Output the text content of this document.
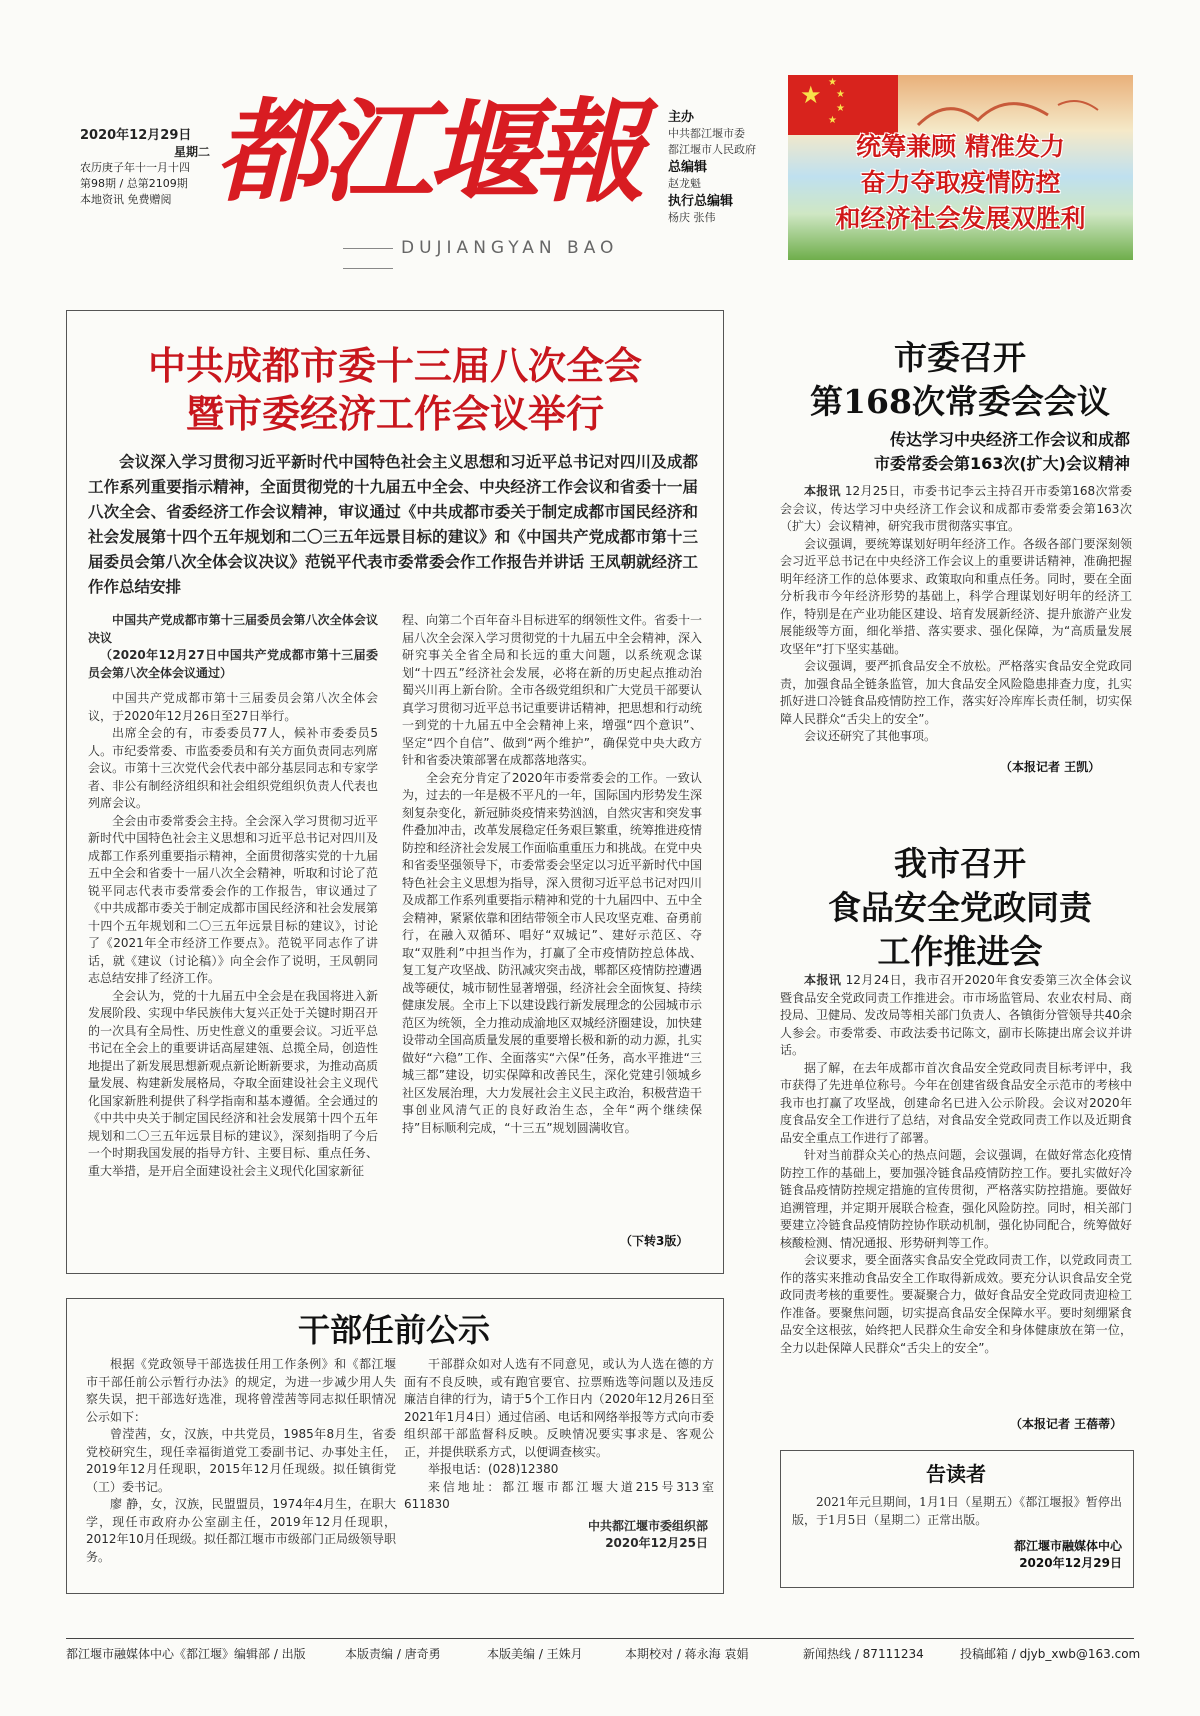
2020年12月29日
星期二
农历庚子年十一月十四
第98期 / 总第2109期
本地资讯 免费赠阅 都江堰報
DUJIANGYAN BAO
主办
中共都江堰市委
都江堰市人民政府
总编辑
赵龙魁
执行总编辑
杨庆 张伟
★ ★
★
★
★
统筹兼顾 精准发力
奋力夺取疫情防控
和经济社会发展双胜利
中共成都市委十三届八次全会
暨市委经济工作会议举行
会议深入学习贯彻习近平新时代中国特色社会主义思想和习近平总书记对四川及成都工作系列重要指示精神，全面贯彻党的十九届五中全会、中央经济工作会议和省委十一届八次全会、省委经济工作会议精神，审议通过《中共成都市委关于制定成都市国民经济和社会发展第十四个五年规划和二〇三五年远景目标的建议》和《中国共产党成都市第十三届委员会第八次全体会议决议》范锐平代表市委常委会作工作报告并讲话 王凤朝就经济工作作总结安排
中国共产党成都市第十三届委员会第八次全体会议决议
（2020年12月27日中国共产党成都市第十三届委员会第八次全体会议通过）

中国共产党成都市第十三届委员会第八次全体会议，于2020年12月26日至27日举行。

出席全会的有，市委委员77人，候补市委委员5人。市纪委常委、市监委委员和有关方面负责同志列席会议。市第十三次党代会代表中部分基层同志和专家学者、非公有制经济组织和社会组织党组织负责人代表也列席会议。

全会由市委常委会主持。全会深入学习贯彻习近平新时代中国特色社会主义思想和习近平总书记对四川及成都工作系列重要指示精神，全面贯彻落实党的十九届五中全会和省委十一届八次全会精神，听取和讨论了范锐平同志代表市委常委会作的工作报告，审议通过了《中共成都市委关于制定成都市国民经济和社会发展第十四个五年规划和二〇三五年远景目标的建议》，讨论了《2021年全市经济工作要点》。范锐平同志作了讲话，就《建议（讨论稿）》向全会作了说明，王凤朝同志总结安排了经济工作。

全会认为，党的十九届五中全会是在我国将进入新发展阶段、实现中华民族伟大复兴正处于关键时期召开的一次具有全局性、历史性意义的重要会议。习近平总书记在全会上的重要讲话高屋建瓴、总揽全局，创造性地提出了新发展思想新观点新论断新要求，为推动高质量发展、构建新发展格局，夺取全面建设社会主义现代化国家新胜利提供了科学指南和基本遵循。全会通过的《中共中央关于制定国民经济和社会发展第十四个五年规划和二〇三五年远景目标的建议》，深刻指明了今后一个时期我国发展的指导方针、主要目标、重点任务、重大举措，是开启全面建设社会主义现代化国家新征

程、向第二个百年奋斗目标进军的纲领性文件。省委十一届八次全会深入学习贯彻党的十九届五中全会精神，深入研究事关全省全局和长远的重大问题，以系统观念谋划“十四五”经济社会发展，必将在新的历史起点推动治蜀兴川再上新台阶。全市各级党组织和广大党员干部要认真学习贯彻习近平总书记重要讲话精神，把思想和行动统一到党的十九届五中全会精神上来，增强“四个意识”、坚定“四个自信”、做到“两个维护”，确保党中央大政方针和省委决策部署在成都落地落实。

全会充分肯定了2020年市委常委会的工作。一致认为，过去的一年是极不平凡的一年，国际国内形势发生深刻复杂变化，新冠肺炎疫情来势汹汹，自然灾害和突发事件叠加冲击，改革发展稳定任务艰巨繁重，统筹推进疫情防控和经济社会发展工作面临重重压力和挑战。在党中央和省委坚强领导下，市委常委会坚定以习近平新时代中国特色社会主义思想为指导，深入贯彻习近平总书记对四川及成都工作系列重要指示精神和党的十九届四中、五中全会精神，紧紧依靠和团结带领全市人民攻坚克难、奋勇前行，在融入双循环、唱好“双城记”、建好示范区、夺取“双胜利”中担当作为，打赢了全市疫情防控总体战、复工复产攻坚战、防汛减灾突击战，郫都区疫情防控遭遇战等硬仗，城市韧性显著增强，经济社会全面恢复、持续健康发展。全市上下以建设践行新发展理念的公园城市示范区为统领，全力推动成渝地区双城经济圈建设，加快建设带动全国高质量发展的重要增长极和新的动力源，扎实做好“六稳”工作、全面落实“六保”任务，高水平推进“三城三都”建设，切实保障和改善民生，深化党建引领城乡社区发展治理，大力发展社会主义民主政治，积极营造干事创业风清气正的良好政治生态，全年“两个继续保持”目标顺利完成，“十三五”规划圆满收官。

（下转3版）
市委召开
第168次常委会会议
传达学习中央经济工作会议和成都
市委常委会第163次(扩大)会议精神

本报讯 12月25日，市委书记李云主持召开市委第168次常委会会议，传达学习中央经济工作会议和成都市委常委会第163次（扩大）会议精神，研究我市贯彻落实事宜。

会议强调，要统筹谋划好明年经济工作。各级各部门要深刻领会习近平总书记在中央经济工作会议上的重要讲话精神，准确把握明年经济工作的总体要求、政策取向和重点任务。同时，要在全面分析我市今年经济形势的基础上，科学合理谋划好明年的经济工作，特别是在产业功能区建设、培育发展新经济、提升旅游产业发展能级等方面，细化举措、落实要求、强化保障，为“高质量发展攻坚年”打下坚实基础。

会议强调，要严抓食品安全不放松。严格落实食品安全党政同责，加强食品全链条监管，加大食品安全风险隐患排查力度，扎实抓好进口冷链食品疫情防控工作，落实好冷库库长责任制，切实保障人民群众“舌尖上的安全”。

会议还研究了其他事项。

（本报记者 王凯）
我市召开
食品安全党政同责
工作推进会

本报讯 12月24日，我市召开2020年食安委第三次全体会议暨食品安全党政同责工作推进会。市市场监管局、农业农村局、商投局、卫健局、发改局等相关部门负责人、各镇街分管领导共40余人参会。市委常委、市政法委书记陈文，副市长陈捷出席会议并讲话。

据了解，在去年成都市首次食品安全党政同责目标考评中，我市获得了先进单位称号。今年在创建省级食品安全示范市的考核中我市也打赢了攻坚战，创建命名已进入公示阶段。会议对2020年度食品安全工作进行了总结，对食品安全党政同责工作以及近期食品安全重点工作进行了部署。

针对当前群众关心的热点问题，会议强调，在做好常态化疫情防控工作的基础上，要加强冷链食品疫情防控工作。要扎实做好冷链食品疫情防控规定措施的宣传贯彻，严格落实防控措施。要做好追溯管理，并定期开展联合检查，强化风险防控。同时，相关部门要建立冷链食品疫情防控协作联动机制，强化协同配合，统筹做好核酸检测、情况通报、形势研判等工作。

会议要求，要全面落实食品安全党政同责工作，以党政同责工作的落实来推动食品安全工作取得新成效。要充分认识食品安全党政同责考核的重要性。要凝聚合力，做好食品安全党政同责迎检工作准备。要聚焦问题，切实提高食品安全保障水平。要时刻绷紧食品安全这根弦，始终把人民群众生命安全和身体健康放在第一位，全力以赴保障人民群众“舌尖上的安全”。

（本报记者 王蓓蒂）
干部任前公示

根据《党政领导干部选拔任用工作条例》和《都江堰市干部任前公示暂行办法》的规定，为进一步减少用人失察失误，把干部选好选准，现将曾滢茜等同志拟任职情况公示如下：

曾滢茜，女，汉族，中共党员，1985年8月生，省委党校研究生，现任幸福街道党工委副书记、办事处主任，2019年12月任现职，2015年12月任现级。拟任镇街党（工）委书记。

廖 静，女，汉族，民盟盟员，1974年4月生，在职大学，现任市政府办公室副主任，2019年12月任现职，2012年10月任现级。拟任都江堰市市级部门正局级领导职务。

干部群众如对人选有不同意见，或认为人选在德的方面有不良反映，或有跑官要官、拉票贿选等问题以及违反廉洁自律的行为，请于5个工作日内（2020年12月26日至2021年1月4日）通过信函、电话和网络举报等方式向市委组织部干部监督科反映。反映情况要实事求是、客观公正，并提供联系方式，以便调查核实。

举报电话：(028)12380

来信地址：都江堰市都江堰大道215号313室 611830

中共都江堰市委组织部
2020年12月25日
告读者
2021年元旦期间，1月1日（星期五）《都江堰报》暂停出版，于1月5日（星期二）正常出版。
都江堰市融媒体中心
2020年12月29日
都江堰市融媒体中心《都江堰》编辑部 / 出版	本版责编 / 唐奇勇	本版美编 / 王姝月	本期校对 / 蒋永海 袁娟	新闻热线 / 87111234	投稿邮箱 / djyb_xwb@163.com
